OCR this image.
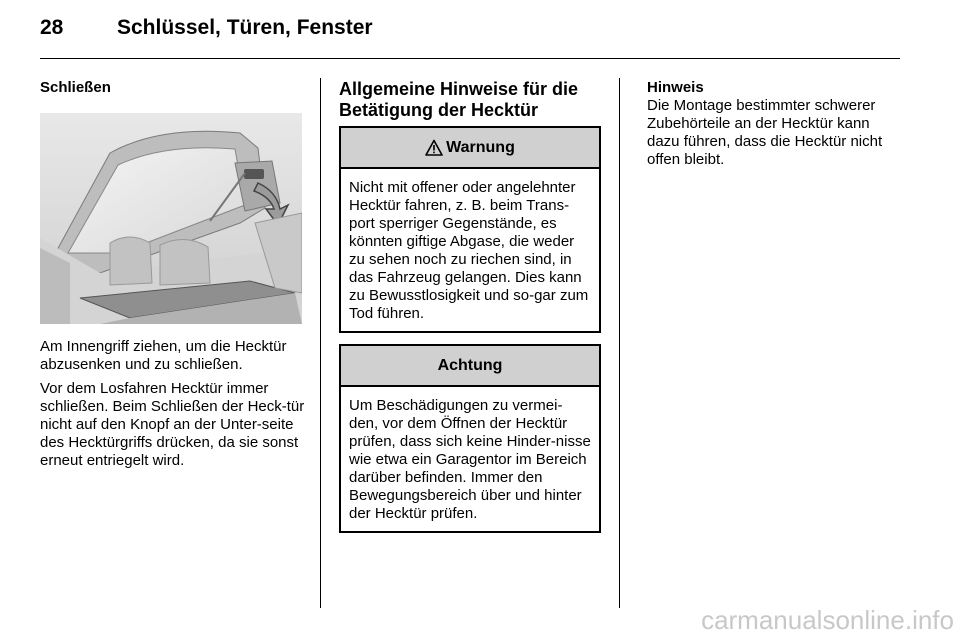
28	Schlüssel, Türen, Fenster
Schließen

Am Innengriff ziehen, um die Hecktür abzusenken und zu schließen.

Vor dem Losfahren Hecktür immer schließen. Beim Schließen der Heck-tür nicht auf den Knopf an der Unter-seite des Hecktürgriffs drücken, da sie sonst erneut entriegelt wird.

Allgemeine Hinweise für die Betätigung der Hecktür
Warnung
Nicht mit offener oder angelehnter Hecktür fahren, z. B. beim Trans-port sperriger Gegenstände, es könnten giftige Abgase, die weder zu sehen noch zu riechen sind, in das Fahrzeug gelangen. Dies kann zu Bewusstlosigkeit und so-gar zum Tod führen.
Achtung
Um Beschädigungen zu vermei-den, vor dem Öffnen der Hecktür prüfen, dass sich keine Hinder-nisse wie etwa ein Garagentor im Bereich darüber befinden. Immer den Bewegungsbereich über und hinter der Hecktür prüfen.

Hinweis

Die Montage bestimmter schwerer Zubehörteile an der Hecktür kann dazu führen, dass die Hecktür nicht offen bleibt.

carmanualsonline.info
